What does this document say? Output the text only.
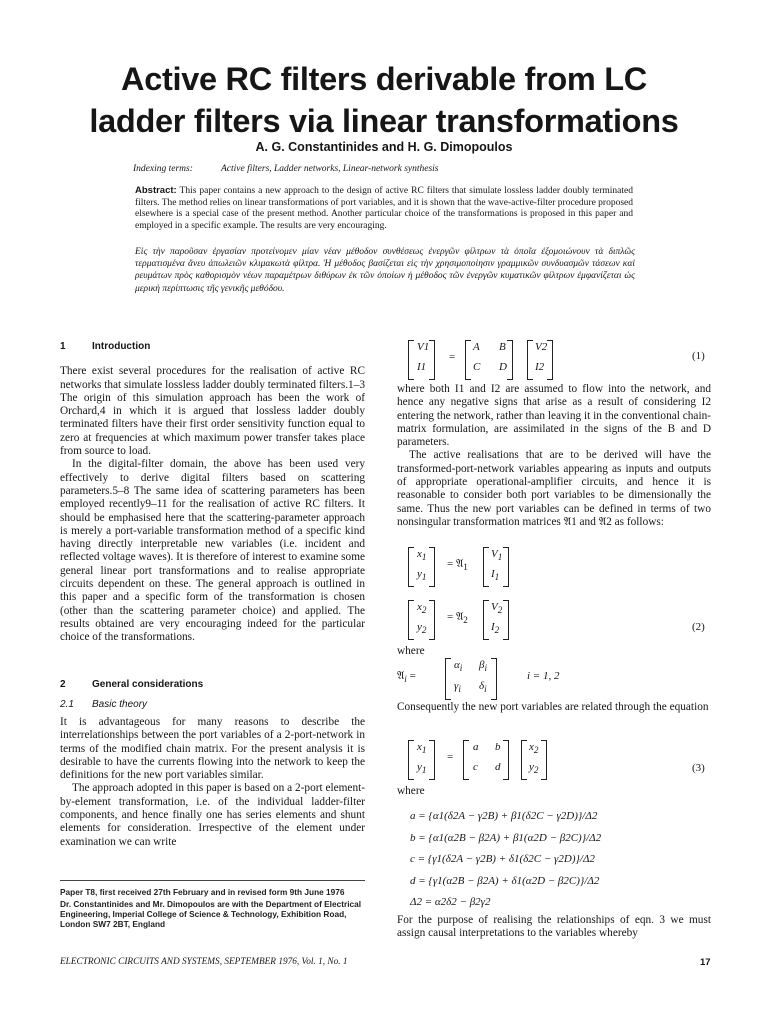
Active RC filters derivable from LC
ladder filters via linear transformations
A. G. Constantinides and H. G. Dimopoulos
Indexing terms:	Active filters, Ladder networks, Linear-network synthesis
Abstract: This paper contains a new approach to the design of active RC filters that simulate lossless ladder doubly terminated filters. The method relies on linear transformations of port variables, and it is shown that the wave-active-filter procedure proposed elsewhere is a special case of the present method. Another particular choice of the transformations is proposed in this paper and employed in a specific example. The results are very encouraging.
Εἰς τὴν παροῦσαν ἐργασίαν προτείνομεν μίαν νέαν μέθοδον συνθέσεως ἐνεργῶν φίλτρων τὰ ὁποῖα ἐξομοιώνουν τὰ διπλῶς τερματισμένα ἄνευ ἀπωλειῶν κλιμακωτὰ φίλτρα. Ἡ μέθοδος βασίζεται εἰς τὴν χρησιμοποίησιν γραμμικῶν συνδυασμῶν τάσεων καὶ ρευμάτων πρὸς καθορισμὸν νέων παραμέτρων διθύρων ἐκ τῶν ὁποίων ἡ μέθοδος τῶν ἐνεργῶν κυματικῶν φίλτρων ἐμφανίζεται ὡς μερικὴ περίπτωσις τῆς γενικῆς μεθόδου.
1	Introduction

There exist several procedures for the realisation of active RC networks that simulate lossless ladder doubly terminated filters.1–3 The origin of this simulation approach has been the work of Orchard,4 in which it is argued that lossless ladder doubly terminated filters have their first order sensitivity function equal to zero at frequencies at which maximum power transfer takes place from source to load.

In the digital-filter domain, the above has been used very effectively to derive digital filters based on scattering parameters.5–8 The same idea of scattering parameters has been employed recently9–11 for the realisation of active RC filters. It should be emphasised here that the scattering-parameter approach is merely a port-variable transformation method of a specific kind having directly interpretable new variables (i.e. incident and reflected voltage waves). It is therefore of interest to examine some general linear port transformations and to realise appropriate circuits dependent on these. The general approach is outlined in this paper and a specific form of the transformation is chosen (other than the scattering parameter choice) and applied. The results obtained are very encouraging indeed for the particular choice of the transformations.

2	General considerations
2.1 Basic theory

It is advantageous for many reasons to describe the interrelationships between the port variables of a 2-port-network in terms of the modified chain matrix. For the present analysis it is desirable to have the currents flowing into the network to keep the definitions for the new port variables similar.

The approach adopted in this paper is based on a 2-port element-by-element transformation, i.e. of the individual ladder-filter components, and hence finally one has series elements and shunt elements for consideration. Irrespective of the element under examination we can write

Paper T8, first received 27th February and in revised form 9th June 1976

Dr. Constantinides and Mr. Dimopoulos are with the Department of Electrical Engineering, Imperial College of Science & Technology, Exhibition Road, London SW7 2BT, England

V1
I1
=
A B
C D
V2
I2
(1)

where both I1 and I2 are assumed to flow into the network, and hence any negative signs that arise as a result of considering I2 entering the network, rather than leaving it in the conventional chain-matrix formulation, are assimilated in the signs of the B and D parameters.

The active realisations that are to be derived will have the transformed-port-network variables appearing as inputs and outputs of appropriate operational-amplifier circuits, and hence it is reasonable to consider both port variables to be dimensionally the same. Thus the new port variables can be defined in terms of two nonsingular transformation matrices 𝔄1 and 𝔄2 as follows:

$x_1$
$y_1$
= 𝔄$_1$
$V_1$
$I_1$
$x_2$
$y_2$
= 𝔄$_2$
$V_2$
$I_2$	(2)
where
𝔄$_i$ =
$\alpha_i$ $\beta_i$
$\gamma_i$ $\delta_i$
i = 1, 2
Consequently the new port variables are related through the equation
$x_1$
$y_1$
=
a b
c d
$x_2$
$y_2$	(3)
where
a = {α1(δ2A − γ2B) + β1(δ2C − γ2D)}/Δ2
b = {α1(α2B − β2A) + β1(α2D − β2C)}/Δ2
c = {γ1(δ2A − γ2B) + δ1(δ2C − γ2D)}/Δ2
d = {γ1(α2B − β2A) + δ1(α2D − β2C)}/Δ2
Δ2 = α2δ2 − β2γ2
For the purpose of realising the relationships of eqn. 3 we must assign causal interpretations to the variables whereby
ELECTRONIC CIRCUITS AND SYSTEMS, SEPTEMBER 1976, Vol. 1, No. 1	17
